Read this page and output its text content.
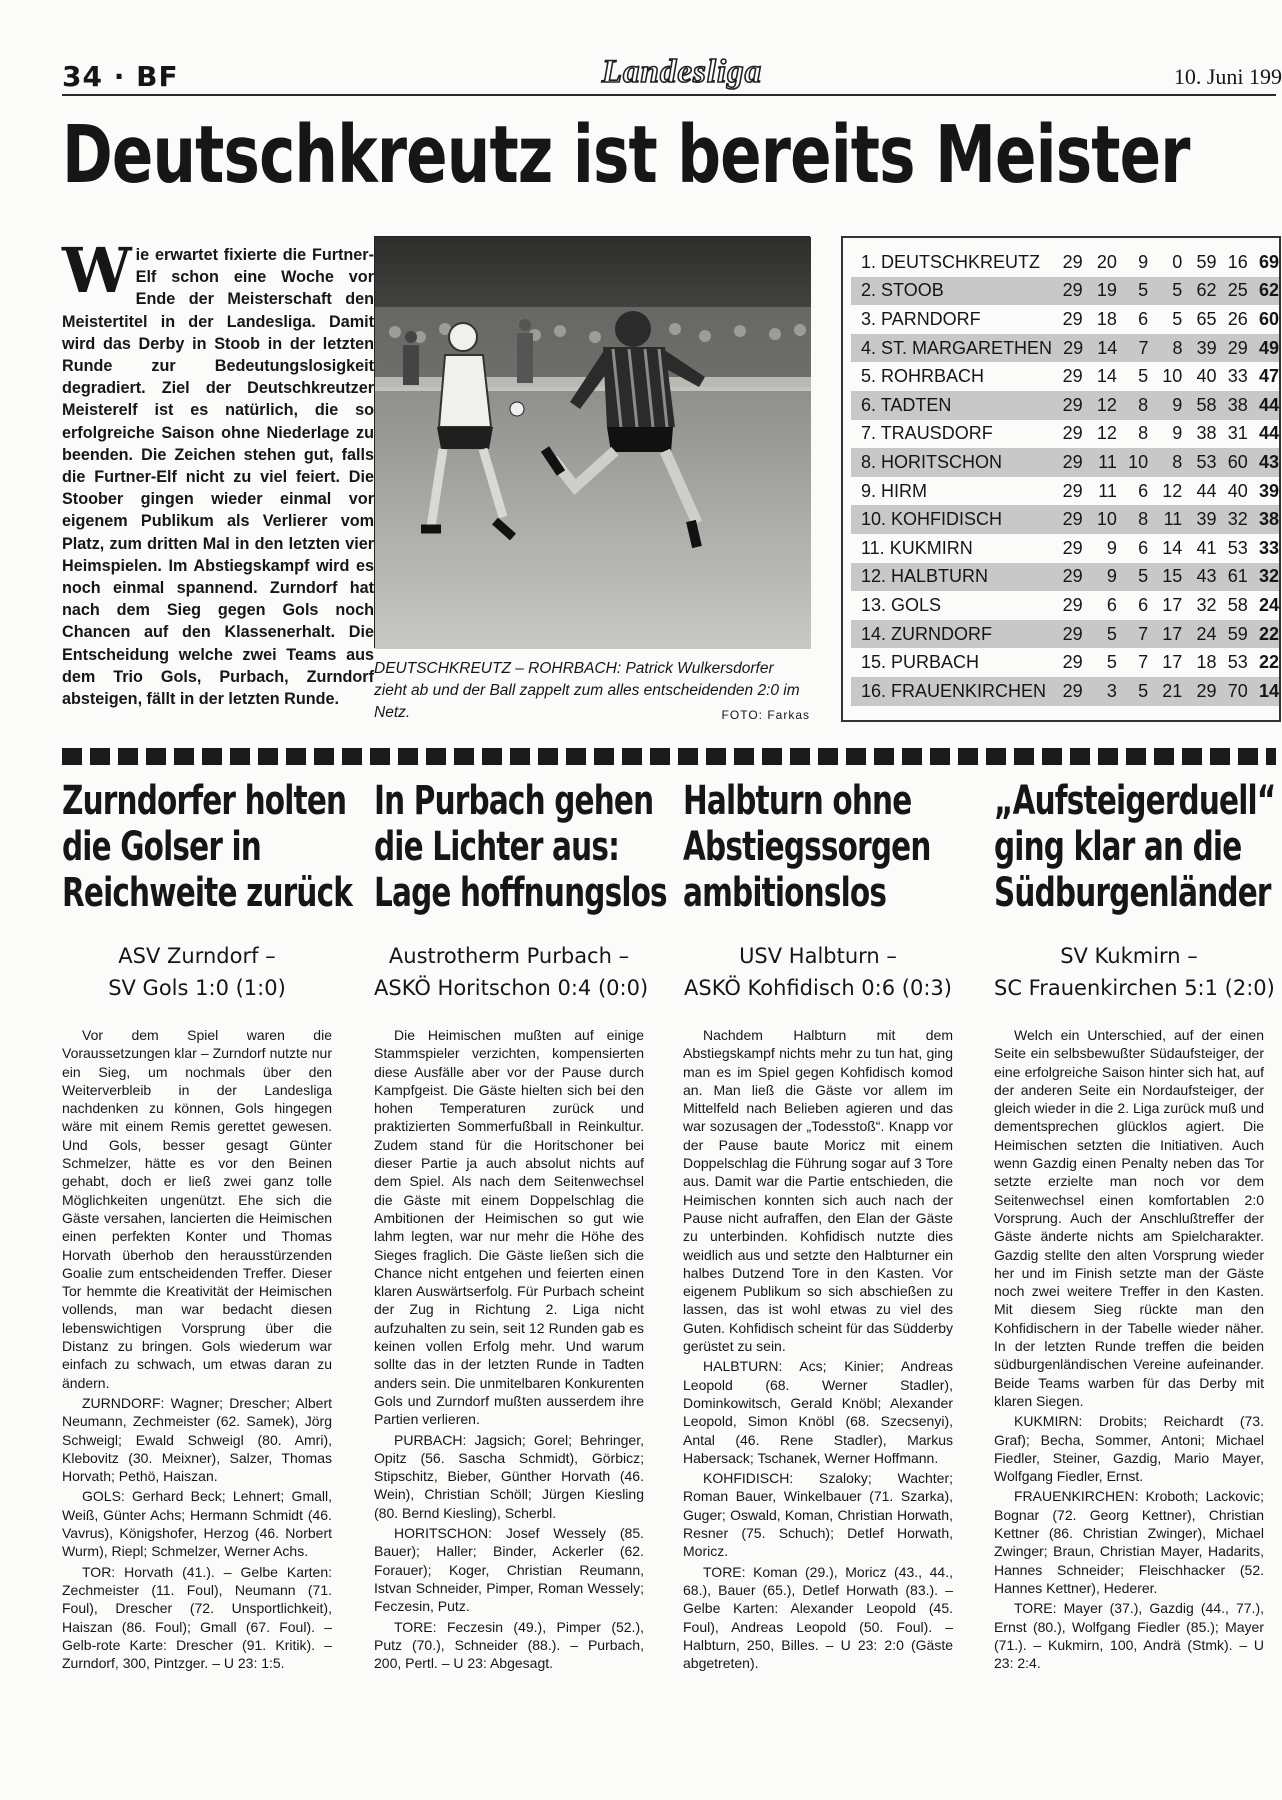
34 · BF	Landesliga	10. Juni 199
Deutschkreutz ist bereits Meister
Wie erwartet fixierte die Furtner-Elf schon eine Woche vor Ende der Meisterschaft den Meistertitel in der Landesliga. Damit wird das Derby in Stoob in der letzten Runde zur Bedeutungslosigkeit degradiert. Ziel der Deutschkreutzer Meisterelf ist es natürlich, die so erfolgreiche Saison ohne Niederlage zu beenden. Die Zeichen stehen gut, falls die Furtner-Elf nicht zu viel feiert. Die Stoober gingen wieder einmal vor eigenem Publikum als Verlierer vom Platz, zum dritten Mal in den letzten vier Heimspielen. Im Abstiegskampf wird es noch einmal spannend. Zurndorf hat nach dem Sieg gegen Gols noch Chancen auf den Klassenerhalt. Die Entscheidung welche zwei Teams aus dem Trio Gols, Purbach, Zurndorf absteigen, fällt in der letzten Runde.
DEUTSCHKREUTZ – ROHRBACH: Patrick Wulkersdorfer zieht ab und der Ball zappelt zum alles entscheidenden 2:0 im Netz.	FOTO: Farkas
1. DEUTSCHKREUTZ	29 20	9	0 59 16 69
2. STOOB	29 19	5	5 62 25 62
3. PARNDORF	29 18	6	5 65 26 60
4. ST. MARGARETHEN 29 14	7	8 39 29 49
5. ROHRBACH	29 14	5 10 40 33 47
6. TADTEN	29 12	8	9 58 38 44
7. TRAUSDORF	29 12	8	9 38 31 44
8. HORITSCHON	29 11 10	8 53 60 43
9. HIRM	29 11	6 12 44 40 39
10. KOHFIDISCH	29 10	8 11 39 32 38
11. KUKMIRN	29	9	6 14 41 53 33
12. HALBTURN	29	9	5 15 43 61 32
13. GOLS	29	6	6 17 32 58 24
14. ZURNDORF	29	5	7 17 24 59 22
15. PURBACH	29	5	7 17 18 53 22
16. FRAUENKIRCHEN 29	3	5 21 29 70 14
Zurndorfer holten
die Golser in
Reichweite zurück
ASV Zurndorf –
SV Gols 1:0 (1:0)

Vor dem Spiel waren die Voraussetzungen klar – Zurndorf nutzte nur ein Sieg, um nochmals über den Weiterverbleib in der Landesliga nachdenken zu können, Gols hingegen wäre mit einem Remis gerettet gewesen. Und Gols, besser gesagt Günter Schmelzer, hätte es vor den Beinen gehabt, doch er ließ zwei ganz tolle Möglichkeiten ungenützt. Ehe sich die Gäste versahen, lancierten die Heimischen einen perfekten Konter und Thomas Horvath überhob den herausstürzenden Goalie zum entscheidenden Treffer. Dieser Tor hemmte die Kreativität der Heimischen vollends, man war bedacht diesen lebenswichtigen Vorsprung über die Distanz zu bringen. Gols wiederum war einfach zu schwach, um etwas daran zu ändern.

ZURNDORF: Wagner; Drescher; Albert Neumann, Zechmeister (62. Samek), Jörg Schweigl; Ewald Schweigl (80. Amri), Klebovitz (30. Meixner), Salzer, Thomas Horvath; Pethö, Haiszan.

GOLS: Gerhard Beck; Lehnert; Gmall, Weiß, Günter Achs; Hermann Schmidt (46. Vavrus), Königshofer, Herzog (46. Norbert Wurm), Riepl; Schmelzer, Werner Achs.

TOR: Horvath (41.). – Gelbe Karten: Zechmeister (11. Foul), Neumann (71. Foul), Drescher (72. Unsportlichkeit), Haiszan (86. Foul); Gmall (67. Foul). – Gelb-rote Karte: Drescher (91. Kritik). – Zurndorf, 300, Pintzger. – U 23: 1:5.

In Purbach gehen
die Lichter aus:
Lage hoffnungslos
Austrotherm Purbach –
ASKÖ Horitschon 0:4 (0:0)

Die Heimischen mußten auf einige Stammspieler verzichten, kompensierten diese Ausfälle aber vor der Pause durch Kampfgeist. Die Gäste hielten sich bei den hohen Temperaturen zurück und praktizierten Sommerfußball in Reinkultur. Zudem stand für die Horitschoner bei dieser Partie ja auch absolut nichts auf dem Spiel. Als nach dem Seitenwechsel die Gäste mit einem Doppelschlag die Ambitionen der Heimischen so gut wie lahm legten, war nur mehr die Höhe des Sieges fraglich. Die Gäste ließen sich die Chance nicht entgehen und feierten einen klaren Auswärtserfolg. Für Purbach scheint der Zug in Richtung 2. Liga nicht aufzuhalten zu sein, seit 12 Runden gab es keinen vollen Erfolg mehr. Und warum sollte das in der letzten Runde in Tadten anders sein. Die unmitelbaren Konkurenten Gols und Zurndorf mußten ausserdem ihre Partien verlieren.

PURBACH: Jagsich; Gorel; Behringer, Opitz (56. Sascha Schmidt), Görbicz; Stipschitz, Bieber, Günther Horvath (46. Wein), Christian Schöll; Jürgen Kiesling (80. Bernd Kiesling), Scherbl.

HORITSCHON: Josef Wessely (85. Bauer); Haller; Binder, Ackerler (62. Forauer); Koger, Christian Reumann, Istvan Schneider, Pimper, Roman Wessely; Feczesin, Putz.

TORE: Feczesin (49.), Pimper (52.), Putz (70.), Schneider (88.). – Purbach, 200, Pertl. – U 23: Abgesagt.

Halbturn ohne
Abstiegssorgen
ambitionslos
USV Halbturn –
ASKÖ Kohfidisch 0:6 (0:3)

Nachdem Halbturn mit dem Abstiegskampf nichts mehr zu tun hat, ging man es im Spiel gegen Kohfidisch komod an. Man ließ die Gäste vor allem im Mittelfeld nach Belieben agieren und das war sozusagen der „Todesstoß“. Knapp vor der Pause baute Moricz mit einem Doppelschlag die Führung sogar auf 3 Tore aus. Damit war die Partie entschieden, die Heimischen konnten sich auch nach der Pause nicht aufraffen, den Elan der Gäste zu unterbinden. Kohfidisch nutzte dies weidlich aus und setzte den Halbturner ein halbes Dutzend Tore in den Kasten. Vor eigenem Publikum so sich abschießen zu lassen, das ist wohl etwas zu viel des Guten. Kohfidisch scheint für das Südderby gerüstet zu sein.

HALBTURN: Acs; Kinier; Andreas Leopold (68. Werner Stadler), Dominkowitsch, Gerald Knöbl; Alexander Leopold, Simon Knöbl (68. Szecsenyi), Antal (46. Rene Stadler), Markus Habersack; Tschanek, Werner Hoffmann.

KOHFIDISCH: Szaloky; Wachter; Roman Bauer, Winkelbauer (71. Szarka), Guger; Oswald, Koman, Christian Horwath, Resner (75. Schuch); Detlef Horwath, Moricz.

TORE: Koman (29.), Moricz (43., 44., 68.), Bauer (65.), Detlef Horwath (83.). – Gelbe Karten: Alexander Leopold (45. Foul), Andreas Leopold (50. Foul). – Halbturn, 250, Billes. – U 23: 2:0 (Gäste abgetreten).

„Aufsteigerduell“
ging klar an die
Südburgenländer
SV Kukmirn –
SC Frauenkirchen 5:1 (2:0)

Welch ein Unterschied, auf der einen Seite ein selbsbewußter Südaufsteiger, der eine erfolgreiche Saison hinter sich hat, auf der anderen Seite ein Nordaufsteiger, der gleich wieder in die 2. Liga zurück muß und dementsprechen glücklos agiert. Die Heimischen setzten die Initiativen. Auch wenn Gazdig einen Penalty neben das Tor setzte erzielte man noch vor dem Seitenwechsel einen komfortablen 2:0 Vorsprung. Auch der Anschlußtreffer der Gäste änderte nichts am Spielcharakter. Gazdig stellte den alten Vorsprung wieder her und im Finish setzte man der Gäste noch zwei weitere Treffer in den Kasten. Mit diesem Sieg rückte man den Kohfidischern in der Tabelle wieder näher. In der letzten Runde treffen die beiden südburgenländischen Vereine aufeinander. Beide Teams warben für das Derby mit klaren Siegen.

KUKMIRN: Drobits; Reichardt (73. Graf); Becha, Sommer, Antoni; Michael Fiedler, Steiner, Gazdig, Mario Mayer, Wolfgang Fiedler, Ernst.

FRAUENKIRCHEN: Kroboth; Lackovic; Bognar (72. Georg Kettner), Christian Kettner (86. Christian Zwinger), Michael Zwinger; Braun, Christian Mayer, Hadarits, Hannes Schneider; Fleischhacker (52. Hannes Kettner), Hederer.

TORE: Mayer (37.), Gazdig (44., 77.), Ernst (80.), Wolfgang Fiedler (85.); Mayer (71.). – Kukmirn, 100, Andrä (Stmk). – U 23: 2:4.
